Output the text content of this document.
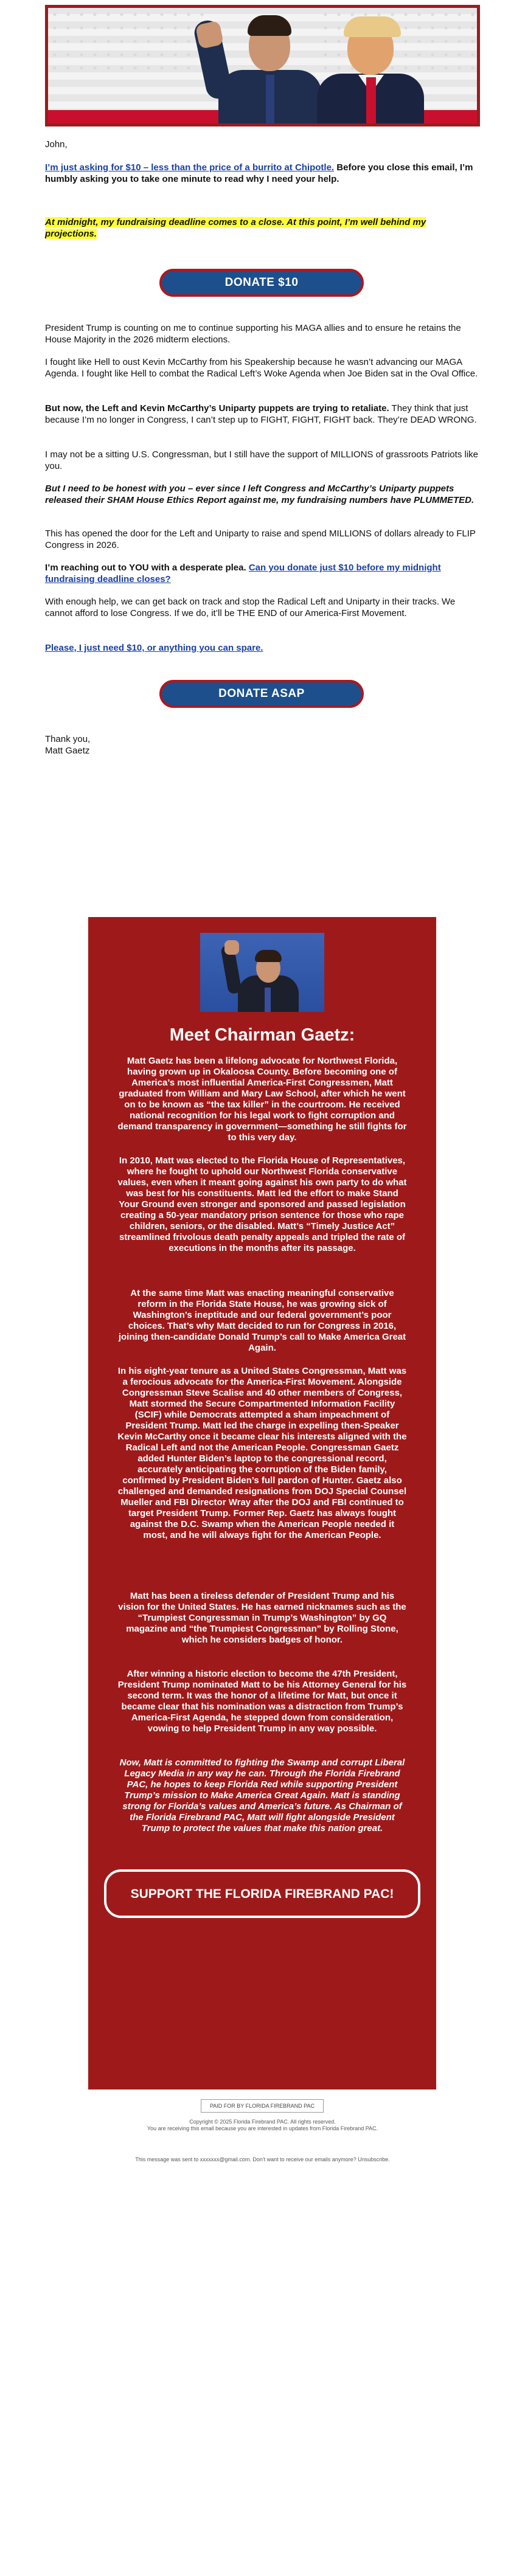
John,

I’m just asking for $10 – less than the price of a burrito at Chipotle. Before you close this email, I’m humbly asking you to take one minute to read why I need your help.

At midnight, my fundraising deadline comes to a close. At this point, I’m well behind my projections.

DONATE $10

President Trump is counting on me to continue supporting his MAGA allies and to ensure he retains the House Majority in the 2026 midterm elections.

I fought like Hell to oust Kevin McCarthy from his Speakership because he wasn’t advancing our MAGA Agenda. I fought like Hell to combat the Radical Left’s Woke Agenda when Joe Biden sat in the Oval Office.

But now, the Left and Kevin McCarthy’s Uniparty puppets are trying to retaliate. They think that just because I’m no longer in Congress, I can’t step up to FIGHT, FIGHT, FIGHT back. They’re DEAD WRONG.

I may not be a sitting U.S. Congressman, but I still have the support of MILLIONS of grassroots Patriots like you.

But I need to be honest with you – ever since I left Congress and McCarthy’s Uniparty puppets released their SHAM House Ethics Report against me, my fundraising numbers have PLUMMETED.

This has opened the door for the Left and Uniparty to raise and spend MILLIONS of dollars already to FLIP Congress in 2026.

I’m reaching out to YOU with a desperate plea. Can you donate just $10 before my midnight fundraising deadline closes?

With enough help, we can get back on track and stop the Radical Left and Uniparty in their tracks. We cannot afford to lose Congress. If we do, it’ll be THE END of our America-First Movement.

Please, I just need $10, or anything you can spare.

DONATE ASAP

Thank you,

Matt Gaetz

Meet Chairman Gaetz:

Matt Gaetz has been a lifelong advocate for Northwest Florida, having grown up in Okaloosa County. Before becoming one of America’s most influential America-First Congressmen, Matt graduated from William and Mary Law School, after which he went on to be known as “the tax killer” in the courtroom. He received national recognition for his legal work to fight corruption and demand transparency in government—something he still fights for to this very day.

In 2010, Matt was elected to the Florida House of Representatives, where he fought to uphold our Northwest Florida conservative values, even when it meant going against his own party to do what was best for his constituents. Matt led the effort to make Stand Your Ground even stronger and sponsored and passed legislation creating a 50-year mandatory prison sentence for those who rape children, seniors, or the disabled. Matt’s “Timely Justice Act” streamlined frivolous death penalty appeals and tripled the rate of executions in the months after its passage.

At the same time Matt was enacting meaningful conservative reform in the Florida State House, he was growing sick of Washington’s ineptitude and our federal government’s poor choices. That’s why Matt decided to run for Congress in 2016, joining then-candidate Donald Trump’s call to Make America Great Again.

In his eight-year tenure as a United States Congressman, Matt was a ferocious advocate for the America-First Movement. Alongside Congressman Steve Scalise and 40 other members of Congress, Matt stormed the Secure Compartmented Information Facility (SCIF) while Democrats attempted a sham impeachment of President Trump. Matt led the charge in expelling then-Speaker Kevin McCarthy once it became clear his interests aligned with the Radical Left and not the American People. Congressman Gaetz added Hunter Biden’s laptop to the congressional record, accurately anticipating the corruption of the Biden family, confirmed by President Biden’s full pardon of Hunter. Gaetz also challenged and demanded resignations from DOJ Special Counsel Mueller and FBI Director Wray after the DOJ and FBI continued to target President Trump. Former Rep. Gaetz has always fought against the D.C. Swamp when the American People needed it most, and he will always fight for the American People.

Matt has been a tireless defender of President Trump and his vision for the United States. He has earned nicknames such as the “Trumpiest Congressman in Trump’s Washington” by GQ magazine and “the Trumpiest Congressman” by Rolling Stone, which he considers badges of honor.

After winning a historic election to become the 47th President, President Trump nominated Matt to be his Attorney General for his second term. It was the honor of a lifetime for Matt, but once it became clear that his nomination was a distraction from Trump’s America-First Agenda, he stepped down from consideration, vowing to help President Trump in any way possible.

Now, Matt is committed to fighting the Swamp and corrupt Liberal Legacy Media in any way he can. Through the Florida Firebrand PAC, he hopes to keep Florida Red while supporting President Trump’s mission to Make America Great Again. Matt is standing strong for Florida’s values and America’s future. As Chairman of the Florida Firebrand PAC, Matt will fight alongside President Trump to protect the values that make this nation great.

SUPPORT THE FLORIDA FIREBRAND PAC!
PAID FOR BY FLORIDA FIREBRAND PAC

Copyright © 2025 Florida Firebrand PAC. All rights reserved.

You are receiving this email because you are interested in updates from Florida Firebrand PAC.

This message was sent to xxxxxxx@gmail.com. Don't want to receive our emails anymore? Unsubscribe.
